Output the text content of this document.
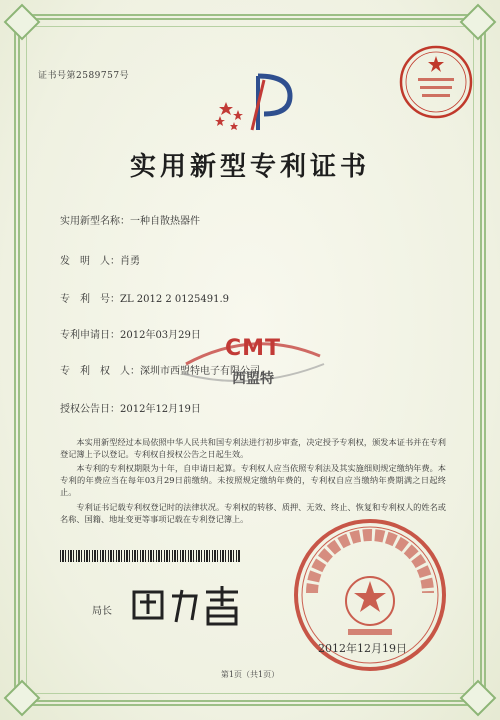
证书号第2589757号
实用新型专利证书
实用新型名称：一种自散热器件
发　明　人：肖勇
专　利　号：ZL 2012 2 0125491.9
专利申请日：2012年03月29日
专　利　权　人：深圳市西盟特电子有限公司
授权公告日：2012年12月19日
CMT
西盟特
本实用新型经过本局依照中华人民共和国专利法进行初步审查，决定授予专利权，颁发本证书并在专利登记簿上予以登记。专利权自授权公告之日起生效。
本专利的专利权期限为十年，自申请日起算。专利权人应当依照专利法及其实施细则规定缴纳年费。本专利的年费应当在每年03月29日前缴纳。未按照规定缴纳年费的，专利权自应当缴纳年费期满之日起终止。
专利证书记载专利权登记时的法律状况。专利权的转移、质押、无效、终止、恢复和专利权人的姓名或名称、国籍、地址变更等事项记载在专利登记簿上。
局长
2012年12月19日
第1页（共1页）
